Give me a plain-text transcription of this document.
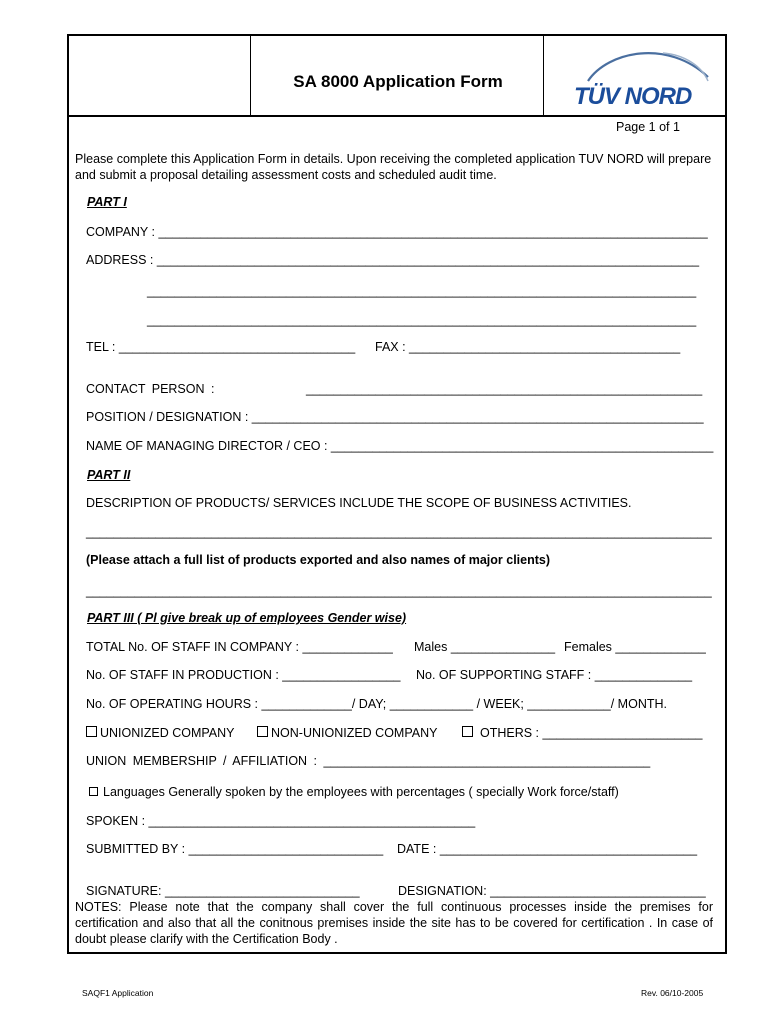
SA 8000 Application Form
TÜV NORD
Page 1 of 1
Please complete this Application Form in details. Upon receiving the completed application TUV NORD will prepare and submit a proposal detailing assessment costs and scheduled audit time.
PART I
COMPANY : _______________________________________________________________________________
ADDRESS : ______________________________________________________________________________
_______________________________________________________________________________
_______________________________________________________________________________
TEL : __________________________________ FAX : _______________________________________
CONTACT PERSON :	_________________________________________________________
POSITION / DESIGNATION : _________________________________________________________________
NAME OF MANAGING DIRECTOR / CEO : _______________________________________________________
PART II
DESCRIPTION OF PRODUCTS/ SERVICES INCLUDE THE SCOPE OF BUSINESS ACTIVITIES.
__________________________________________________________________________________________
(Please attach a full list of products exported and also names of major clients)
__________________________________________________________________________________________
PART III ( Pl give break up of employees Gender wise)
TOTAL No. OF STAFF IN COMPANY : _____________ Males _______________ Females _____________
No. OF STAFF IN PRODUCTION : _________________ No. OF SUPPORTING STAFF : ______________
No. OF OPERATING HOURS : _____________/ DAY; ____________ / WEEK; ____________/ MONTH.
UNIONIZED COMPANY	NON-UNIONIZED COMPANY	OTHERS : _______________________
UNION MEMBERSHIP / AFFILIATION : _______________________________________________
Languages Generally spoken by the employees with percentages ( specially Work force/staff)
SPOKEN : _______________________________________________
SUBMITTED BY : ____________________________ DATE : _____________________________________
SIGNATURE: ____________________________	DESIGNATION: _______________________________
NOTES: Please note that the company shall cover the full continuous processes inside the premises for certification and also that all the conitnous premises inside the site has to be covered for certification . In case of doubt please clarify with the Certification Body .
SAQF1 Application	Rev. 06/10-2005
